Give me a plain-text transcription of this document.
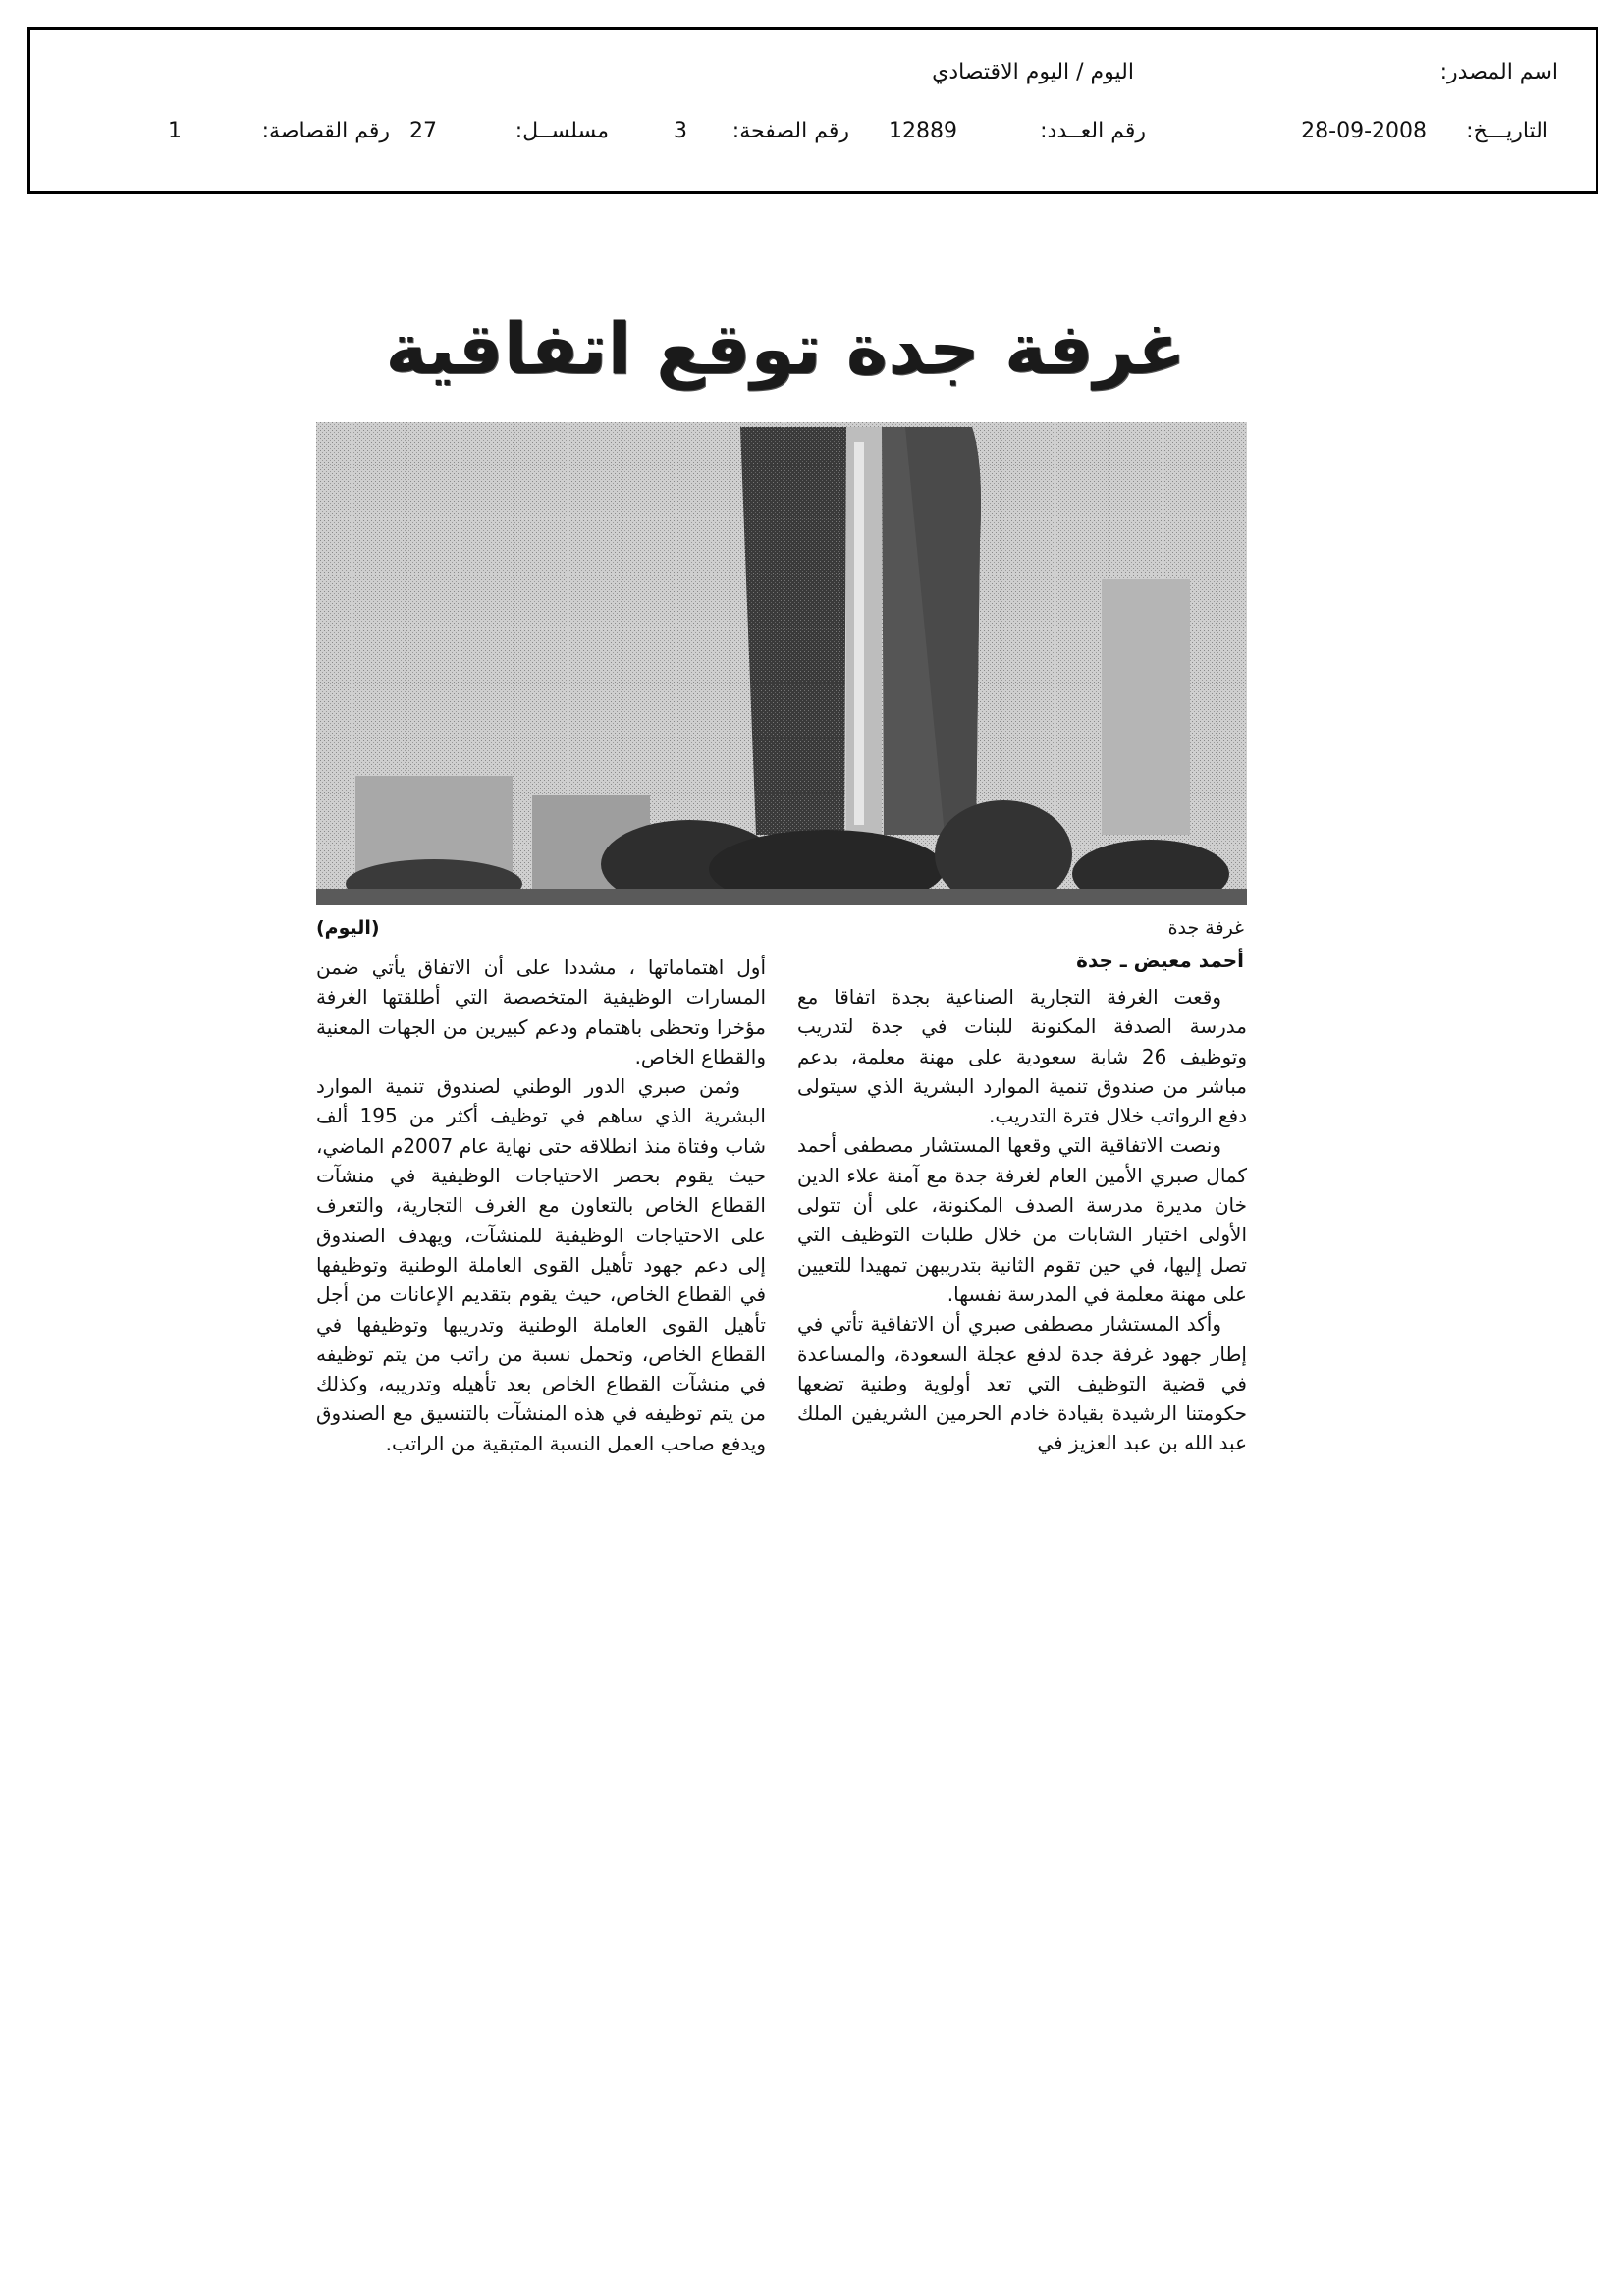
اسم المصدر:
اليوم / اليوم الاقتصادي
التاريـــخ:
28-09-2008
رقم العــدد:
12889
رقم الصفحة:
3
مسلســل:
27
رقم القصاصة:
1
غرفة جدة توقع اتفاقية
غرفة جدة
(اليوم)
أحمد معيض ـ جدة

وقعت الغرفة التجارية الصناعية بجدة اتفاقا مع مدرسة الصدفة المكنونة للبنات في جدة لتدريب وتوظيف 26 شابة سعودية على مهنة معلمة، بدعم مباشر من صندوق تنمية الموارد البشرية الذي سيتولى دفع الرواتب خلال فترة التدريب.

ونصت الاتفاقية التي وقعها المستشار مصطفى أحمد كمال صبري الأمين العام لغرفة جدة مع آمنة علاء الدين خان مديرة مدرسة الصدف المكنونة، على أن تتولى الأولى اختيار الشابات من خلال طلبات التوظيف التي تصل إليها، في حين تقوم الثانية بتدريبهن تمهيدا للتعيين على مهنة معلمة في المدرسة نفسها.

وأكد المستشار مصطفى صبري أن الاتفاقية تأتي في إطار جهود غرفة جدة لدفع عجلة السعودة، والمساعدة في قضية التوظيف التي تعد أولوية وطنية تضعها حكومتنا الرشيدة بقيادة خادم الحرمين الشريفين الملك عبد الله بن عبد العزيز في

أول اهتماماتها ، مشددا على أن الاتفاق يأتي ضمن المسارات الوظيفية المتخصصة التي أطلقتها الغرفة مؤخرا وتحظى باهتمام ودعم كبيرين من الجهات المعنية والقطاع الخاص.

وثمن صبري الدور الوطني لصندوق تنمية الموارد البشرية الذي ساهم في توظيف أكثر من 195 ألف شاب وفتاة منذ انطلاقه حتى نهاية عام 2007م الماضي، حيث يقوم بحصر الاحتياجات الوظيفية في منشآت القطاع الخاص بالتعاون مع الغرف التجارية، والتعرف على الاحتياجات الوظيفية للمنشآت، ويهدف الصندوق إلى دعم جهود تأهيل القوى العاملة الوطنية وتوظيفها في القطاع الخاص، حيث يقوم بتقديم الإعانات من أجل تأهيل القوى العاملة الوطنية وتدريبها وتوظيفها في القطاع الخاص، وتحمل نسبة من راتب من يتم توظيفه في منشآت القطاع الخاص بعد تأهيله وتدريبه، وكذلك من يتم توظيفه في هذه المنشآت بالتنسيق مع الصندوق ويدفع صاحب العمل النسبة المتبقية من الراتب.
